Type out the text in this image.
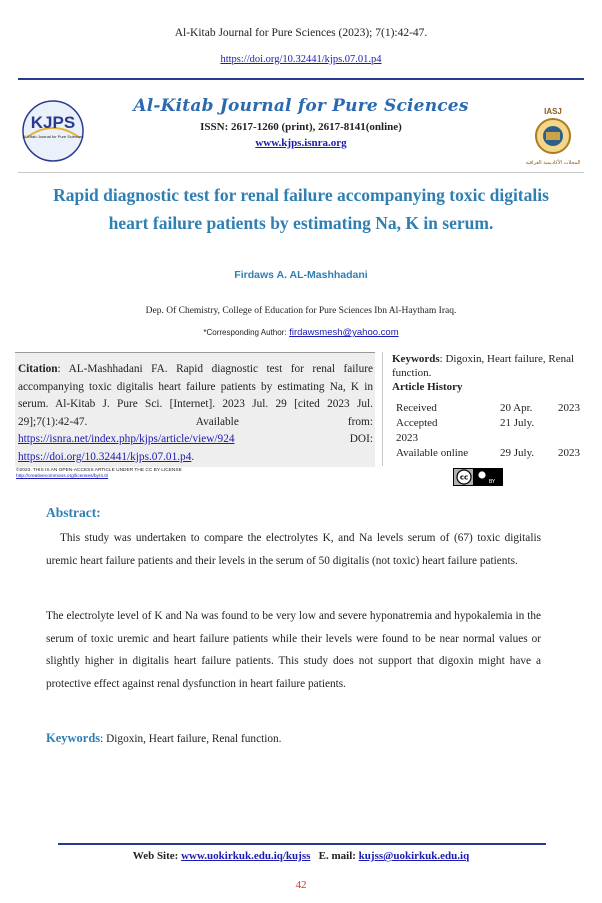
Al-Kitab Journal for Pure Sciences (2023); 7(1):42-47.
https://doi.org/10.32441/kjps.07.01.p4
KJPS
Al-Kitab Journal for Pure Sciences
Al-Kitab Journal for Pure Sciences
ISSN: 2617-1260 (print), 2617-8141(online)
www.kjps.isnra.org
IASJ
المجلات الأكاديمية العراقية
Rapid diagnostic test for renal failure accompanying toxic digitalis heart failure patients by estimating Na, K in serum.
Firdaws A. AL-Mashhadani
Dep. Of Chemistry, College of Education for Pure Sciences Ibn Al-Haytham Iraq.
*Corresponding Author: firdawsmesh@yahoo.com
Citation: AL-Mashhadani FA. Rapid diagnostic test for renal failure accompanying toxic digitalis heart failure patients by estimating Na, K in serum. Al-Kitab J. Pure Sci. [Internet]. 2023 Jul. 29 [cited 2023 Jul. 29];7(1):42-47. Available from: https://isnra.net/index.php/kjps/article/view/924 DOI: https://doi.org/10.32441/kjps.07.01.p4.
Keywords: Digoxin, Heart failure, Renal function.
Article History
Received	20 Apr. 2023
Accepted	21 July.
2023
Available online	29 July. 2023
©2023. THIS IS AN OPEN-ACCESS ARTICLE UNDER THE CC BY LICENSE
http://creativecommons.org/licenses/by/4.0/	cc
BY
Abstract:
This study was undertaken to compare the electrolytes K, and Na levels serum of (67) toxic digitalis uremic heart failure patients and their levels in the serum of 50 digitalis (not toxic) heart failure patients.
The electrolyte level of K and Na was found to be very low and severe hyponatremia and hypokalemia in the serum of toxic uremic and heart failure patients while their levels were found to be near normal values or slightly higher in digitalis heart failure patients. This study does not support that digoxin might have a protective effect against renal dysfunction in heart failure patients.
Keywords: Digoxin, Heart failure, Renal function.
Web Site: www.uokirkuk.edu.iq/kujss E. mail: kujss@uokirkuk.edu.iq
42
